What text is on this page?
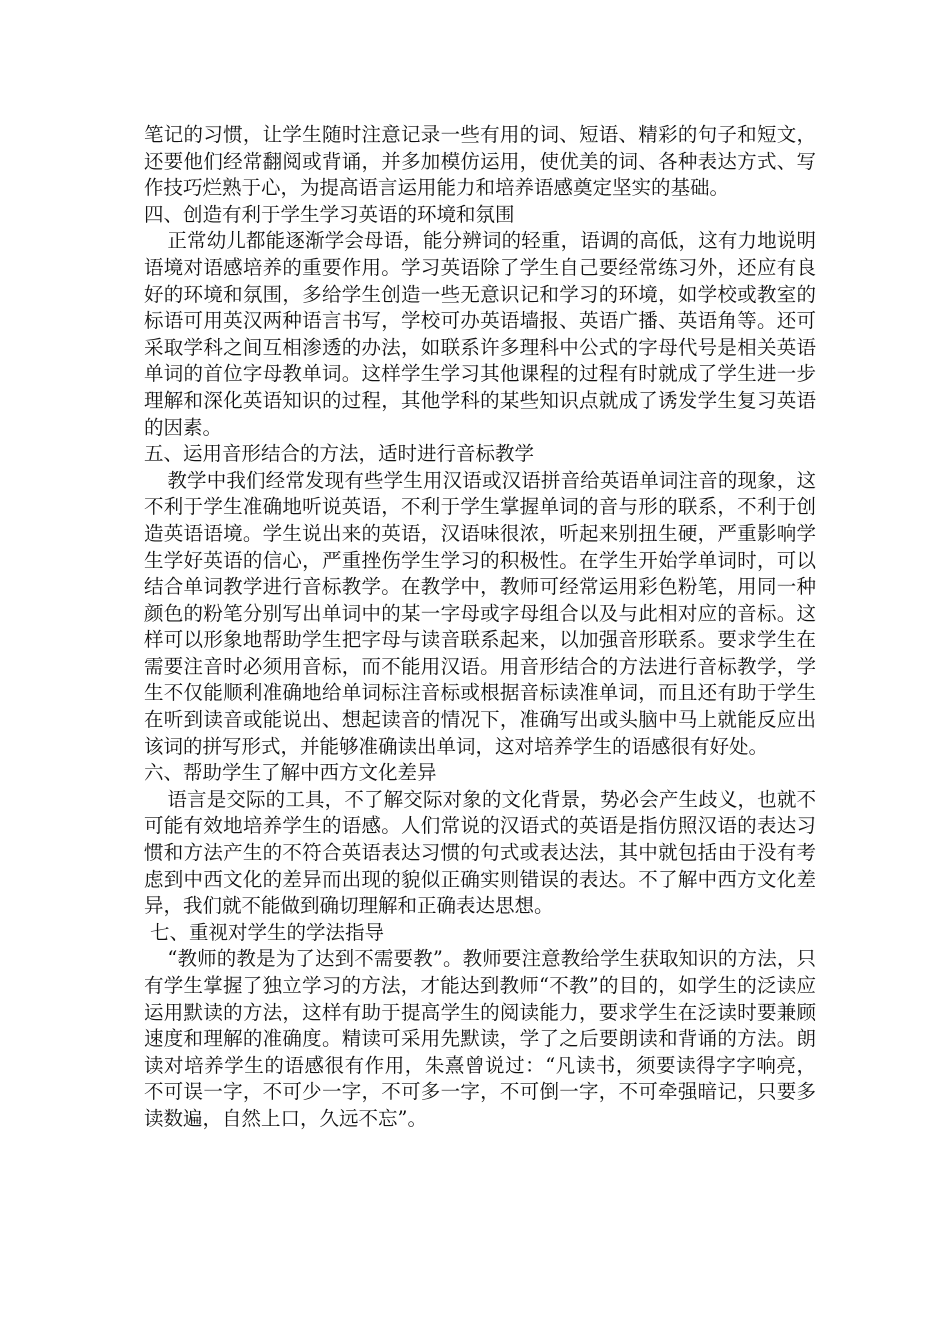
笔记的习惯，让学生随时注意记录一些有用的词、短语、精彩的句子和短文，还要他们经常翻阅或背诵，并多加模仿运用，使优美的词、各种表达方式、写作技巧烂熟于心，为提高语言运用能力和培养语感奠定坚实的基础。

四、创造有利于学生学习英语的环境和氛围

正常幼儿都能逐渐学会母语，能分辨词的轻重，语调的高低，这有力地说明语境对语感培养的重要作用。学习英语除了学生自己要经常练习外，还应有良好的环境和氛围，多给学生创造一些无意识记和学习的环境，如学校或教室的标语可用英汉两种语言书写，学校可办英语墙报、英语广播、英语角等。还可采取学科之间互相渗透的办法，如联系许多理科中公式的字母代号是相关英语单词的首位字母教单词。这样学生学习其他课程的过程有时就成了学生进一步理解和深化英语知识的过程，其他学科的某些知识点就成了诱发学生复习英语的因素。

五、运用音形结合的方法，适时进行音标教学

教学中我们经常发现有些学生用汉语或汉语拼音给英语单词注音的现象，这不利于学生准确地听说英语，不利于学生掌握单词的音与形的联系，不利于创造英语语境。学生说出来的英语，汉语味很浓，听起来别扭生硬，严重影响学生学好英语的信心，严重挫伤学生学习的积极性。在学生开始学单词时，可以结合单词教学进行音标教学。在教学中，教师可经常运用彩色粉笔，用同一种颜色的粉笔分别写出单词中的某一字母或字母组合以及与此相对应的音标。这样可以形象地帮助学生把字母与读音联系起来，以加强音形联系。要求学生在需要注音时必须用音标，而不能用汉语。用音形结合的方法进行音标教学，学生不仅能顺利准确地给单词标注音标或根据音标读准单词，而且还有助于学生在听到读音或能说出、想起读音的情况下，准确写出或头脑中马上就能反应出该词的拼写形式，并能够准确读出单词，这对培养学生的语感很有好处。

六、帮助学生了解中西方文化差异

语言是交际的工具，不了解交际对象的文化背景，势必会产生歧义，也就不可能有效地培养学生的语感。人们常说的汉语式的英语是指仿照汉语的表达习惯和方法产生的不符合英语表达习惯的句式或表达法，其中就包括由于没有考虑到中西文化的差异而出现的貌似正确实则错误的表达。不了解中西方文化差异，我们就不能做到确切理解和正确表达思想。

七、重视对学生的学法指导

“教师的教是为了达到不需要教”。教师要注意教给学生获取知识的方法，只有学生掌握了独立学习的方法，才能达到教师“不教”的目的，如学生的泛读应运用默读的方法，这样有助于提高学生的阅读能力，要求学生在泛读时要兼顾速度和理解的准确度。精读可采用先默读，学了之后要朗读和背诵的方法。朗读对培养学生的语感很有作用，朱熹曾说过：“凡读书，须要读得字字响亮，不可误一字，不可少一字，不可多一字，不可倒一字，不可牵强暗记，只要多读数遍，自然上口，久远不忘”。
